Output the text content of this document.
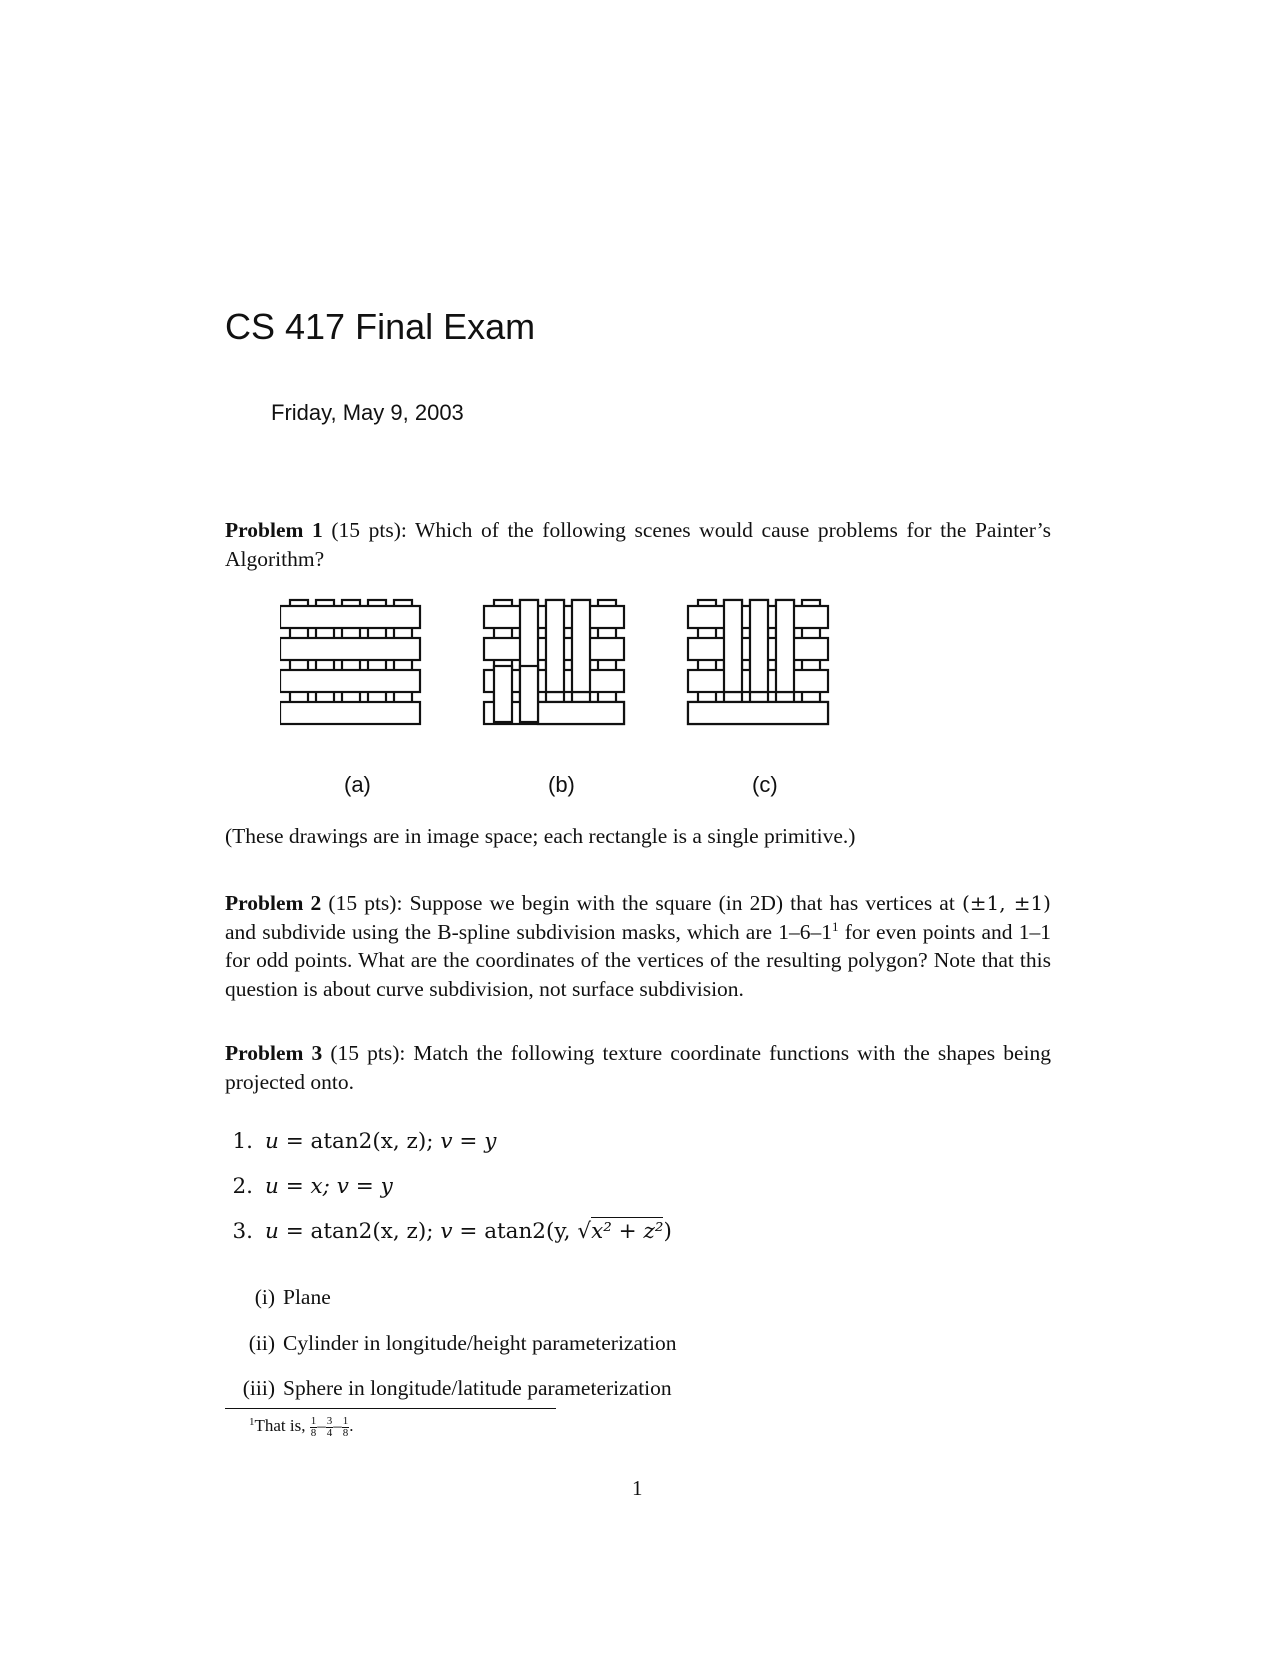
CS 417 Final Exam
Friday, May 9, 2003

Problem 1 (15 pts): Which of the following scenes would cause problems for the Painter’s Algorithm?

(a)	(b)	(c)

(These drawings are in image space; each rectangle is a single primitive.)

Problem 2 (15 pts): Suppose we begin with the square (in 2D) that has vertices at (±1, ±1) and subdivide using the B-spline subdivision masks, which are 1–6–1$^1$ for even points and 1–1 for odd points. What are the coordinates of the vertices of the resulting polygon? Note that this question is about curve subdivision, not surface subdivision.

Problem 3 (15 pts): Match the following texture coordinate functions with the shapes being projected onto.

1. u = atan2(x, z); v = y
2. u = x; v = y
3. u = atan2(x, z); v = atan2(y, √x² + z²)
(i) Plane
(ii) Cylinder in longitude/height parameterization
(iii) Sphere in longitude/latitude parameterization
$^1$That is, $\frac{1}{8} - \frac{3}{4} - \frac{1}{8}$ .
1
